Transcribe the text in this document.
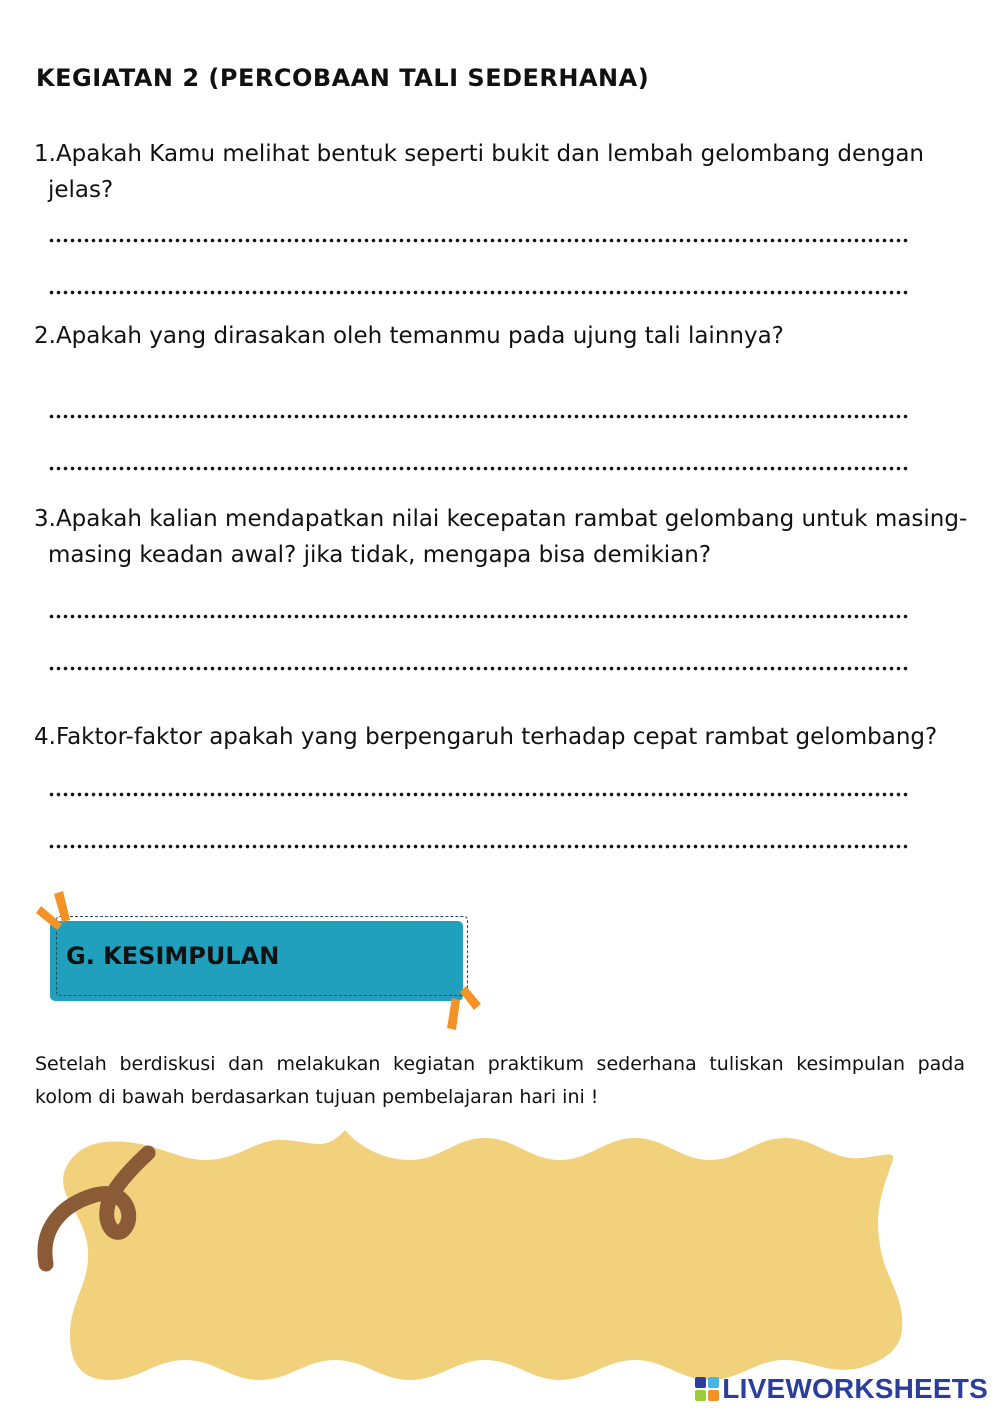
KEGIATAN 2 (PERCOBAAN TALI SEDERHANA)

1.Apakah Kamu melihat bentuk seperti bukit dan lembah gelombang dengan jelas?

2.Apakah yang dirasakan oleh temanmu pada ujung tali lainnya?

3.Apakah kalian mendapatkan nilai kecepatan rambat gelombang untuk masing-masing keadan awal? jika tidak, mengapa bisa demikian?

4.Faktor-faktor apakah yang berpengaruh terhadap cepat rambat gelombang?

G. KESIMPULAN

Setelah berdiskusi dan melakukan kegiatan praktikum sederhana tuliskan kesimpulan pada kolom di bawah berdasarkan tujuan pembelajaran hari ini !

LIVEWORKSHEETS
